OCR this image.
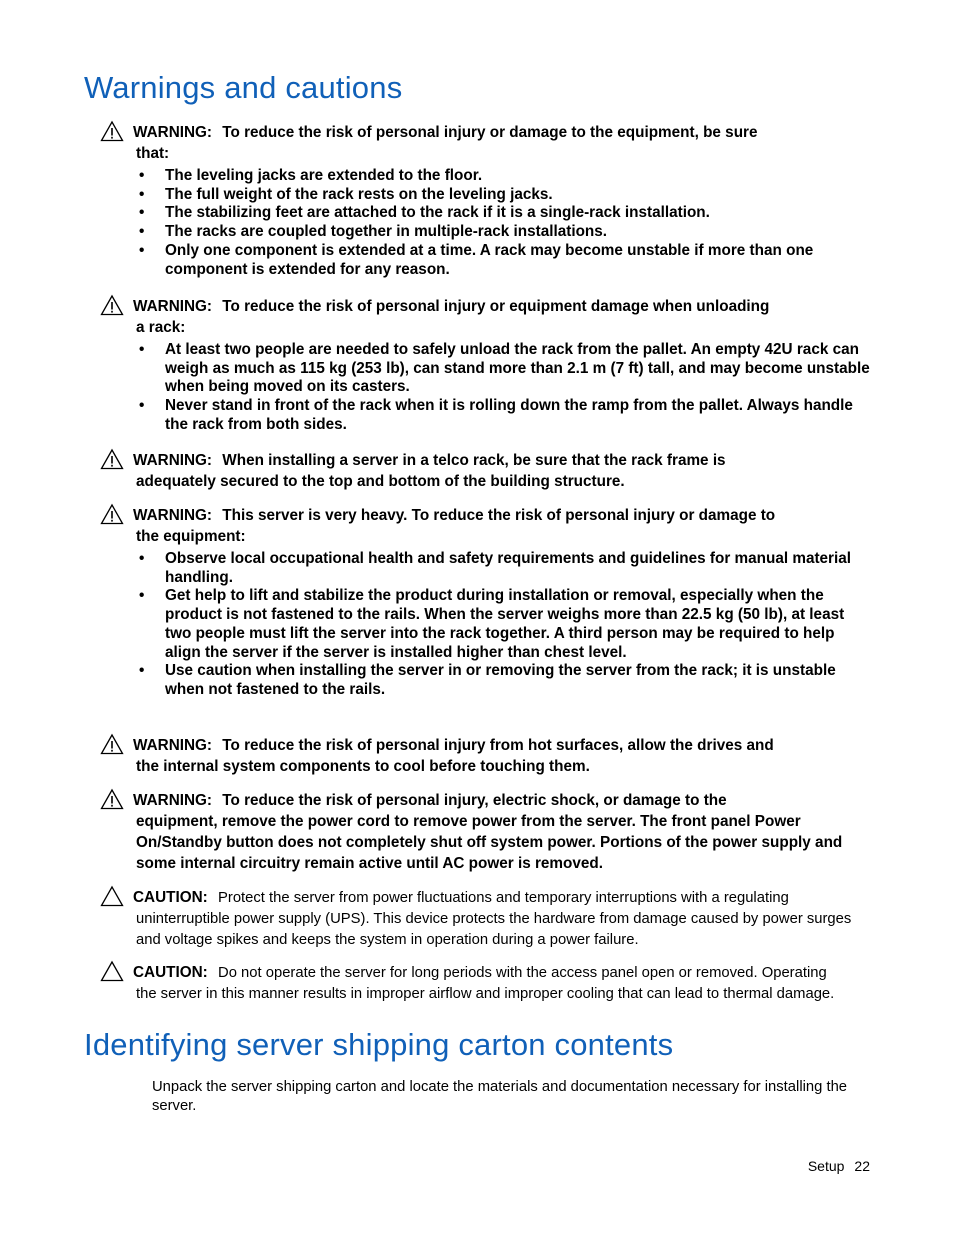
Warnings and cautions
WARNING: To reduce the risk of personal injury or damage to the equipment, be sure
that:
• The leveling jacks are extended to the floor.
• The full weight of the rack rests on the leveling jacks.
• The stabilizing feet are attached to the rack if it is a single-rack installation.
• The racks are coupled together in multiple-rack installations.
• Only one component is extended at a time. A rack may become unstable if more than one component is extended for any reason.
WARNING: To reduce the risk of personal injury or equipment damage when unloading
a rack:
• At least two people are needed to safely unload the rack from the pallet. An empty 42U rack can weigh as much as 115 kg (253 lb), can stand more than 2.1 m (7 ft) tall, and may become unstable when being moved on its casters.
• Never stand in front of the rack when it is rolling down the ramp from the pallet. Always handle the rack from both sides.
WARNING: When installing a server in a telco rack, be sure that the rack frame is
adequately secured to the top and bottom of the building structure.
WARNING: This server is very heavy. To reduce the risk of personal injury or damage to
the equipment:
• Observe local occupational health and safety requirements and guidelines for manual material handling.
• Get help to lift and stabilize the product during installation or removal, especially when the product is not fastened to the rails. When the server weighs more than 22.5 kg (50 lb), at least two people must lift the server into the rack together. A third person may be required to help align the server if the server is installed higher than chest level.
• Use caution when installing the server in or removing the server from the rack; it is unstable when not fastened to the rails.
WARNING: To reduce the risk of personal injury from hot surfaces, allow the drives and
the internal system components to cool before touching them.
WARNING: To reduce the risk of personal injury, electric shock, or damage to the
equipment, remove the power cord to remove power from the server. The front panel Power On/Standby button does not completely shut off system power. Portions of the power supply and some internal circuitry remain active until AC power is removed.
CAUTION: Protect the server from power fluctuations and temporary interruptions with a regulating
uninterruptible power supply (UPS). This device protects the hardware from damage caused by power surges and voltage spikes and keeps the system in operation during a power failure.
CAUTION: Do not operate the server for long periods with the access panel open or removed. Operating
the server in this manner results in improper airflow and improper cooling that can lead to thermal damage.
Identifying server shipping carton contents

Unpack the server shipping carton and locate the materials and documentation necessary for installing the server.

Setup 22
